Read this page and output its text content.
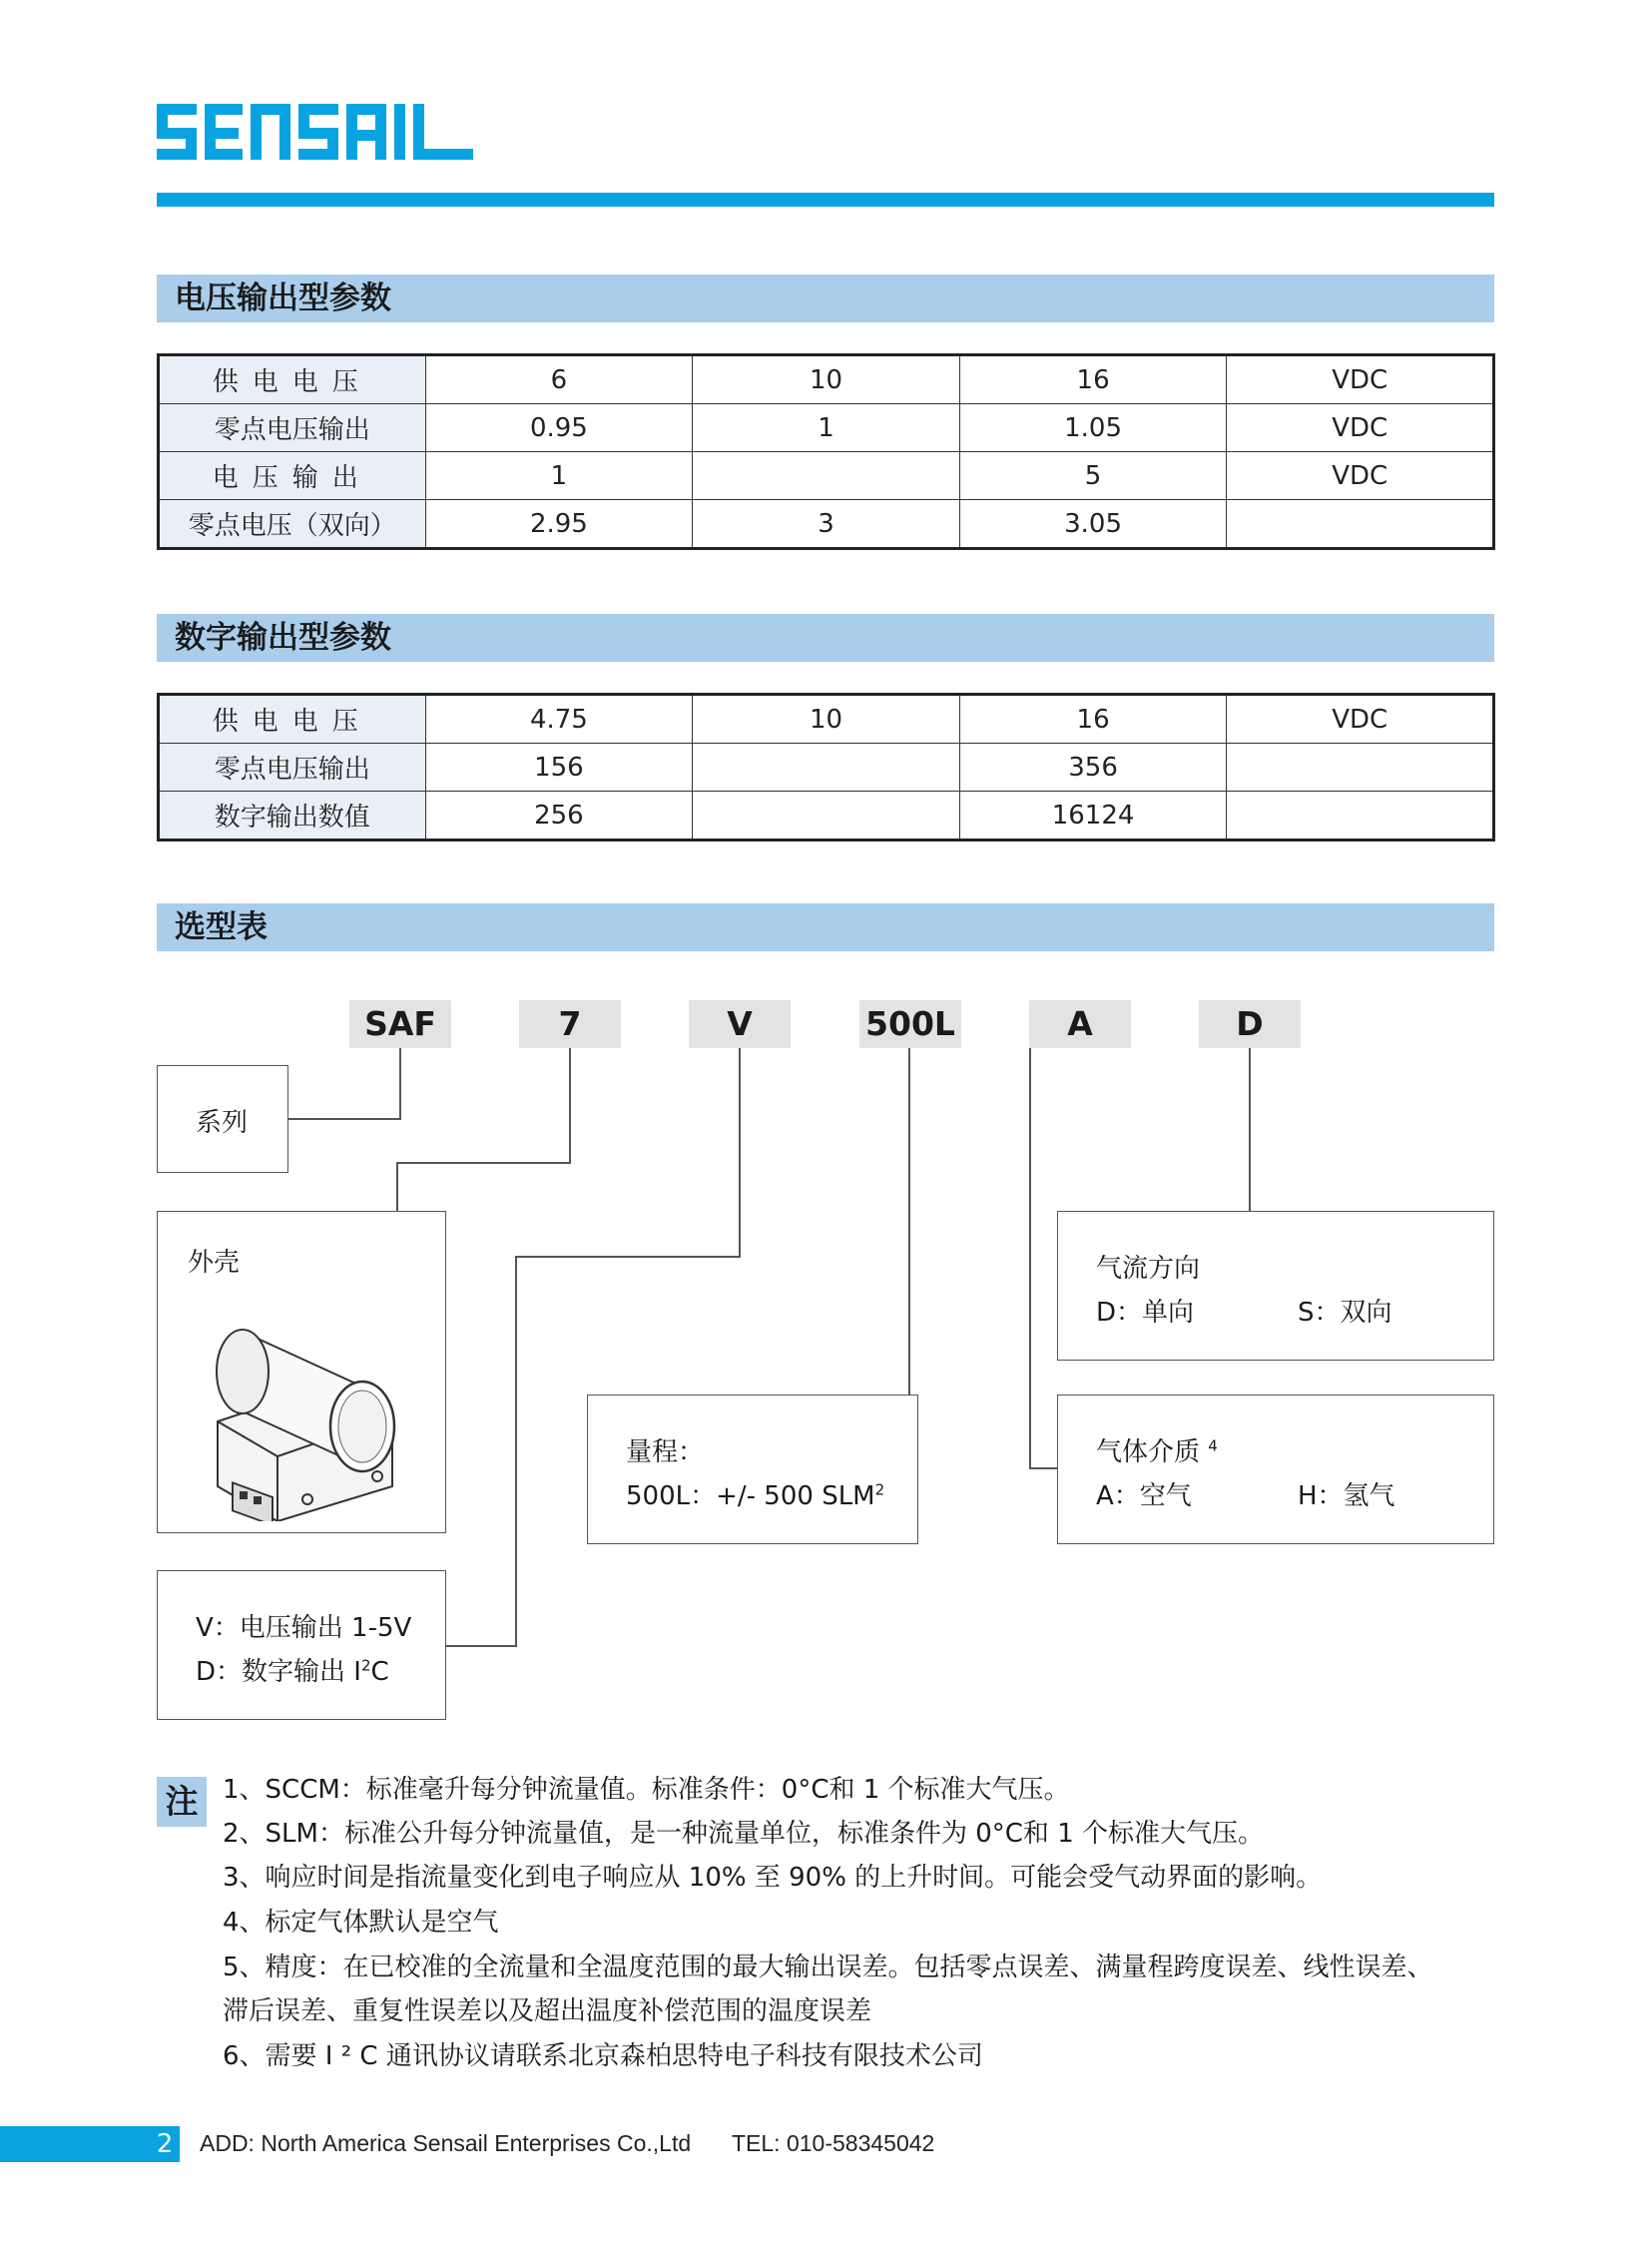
电压输出型参数
供电电压	6	10	16	VDC
零点电压输出	0.95	1	1.05	VDC
电压输出	1		5	VDC
零点电压（双向）	2.95	3	3.05	
数字输出型参数
供电电压	4.75	10	16	VDC
零点电压输出	156		356	
数字输出数值	256		16124	
选型表
SAF	7	V	500L	A	D
系列
外壳
V：电压输出 1-5V
D：数字输出 $I^2C$
量程：
500L：+/- 500 SLM$^2$
气流方向
D：单向	S：双向
气体介质 $^4$
A：空气	H：氢气
注 1、SCCM：标准毫升每分钟流量值。标准条件：0°C和 1 个标准大气压。
2、SLM：标准公升每分钟流量值，是一种流量单位，标准条件为 0°C和 1 个标准大气压。
3、响应时间是指流量变化到电子响应从 10% 至 90% 的上升时间。可能会受气动界面的影响。
4、标定气体默认是空气
5、精度：在已校准的全流量和全温度范围的最大输出误差。包括零点误差、满量程跨度误差、线性误差、
滞后误差、重复性误差以及超出温度补偿范围的温度误差
6、需要 I ² C 通讯协议请联系北京森柏思特电子科技有限技术公司
2 ADD: North America Sensail Enterprises Co.,Ltd TEL: 010-58345042
